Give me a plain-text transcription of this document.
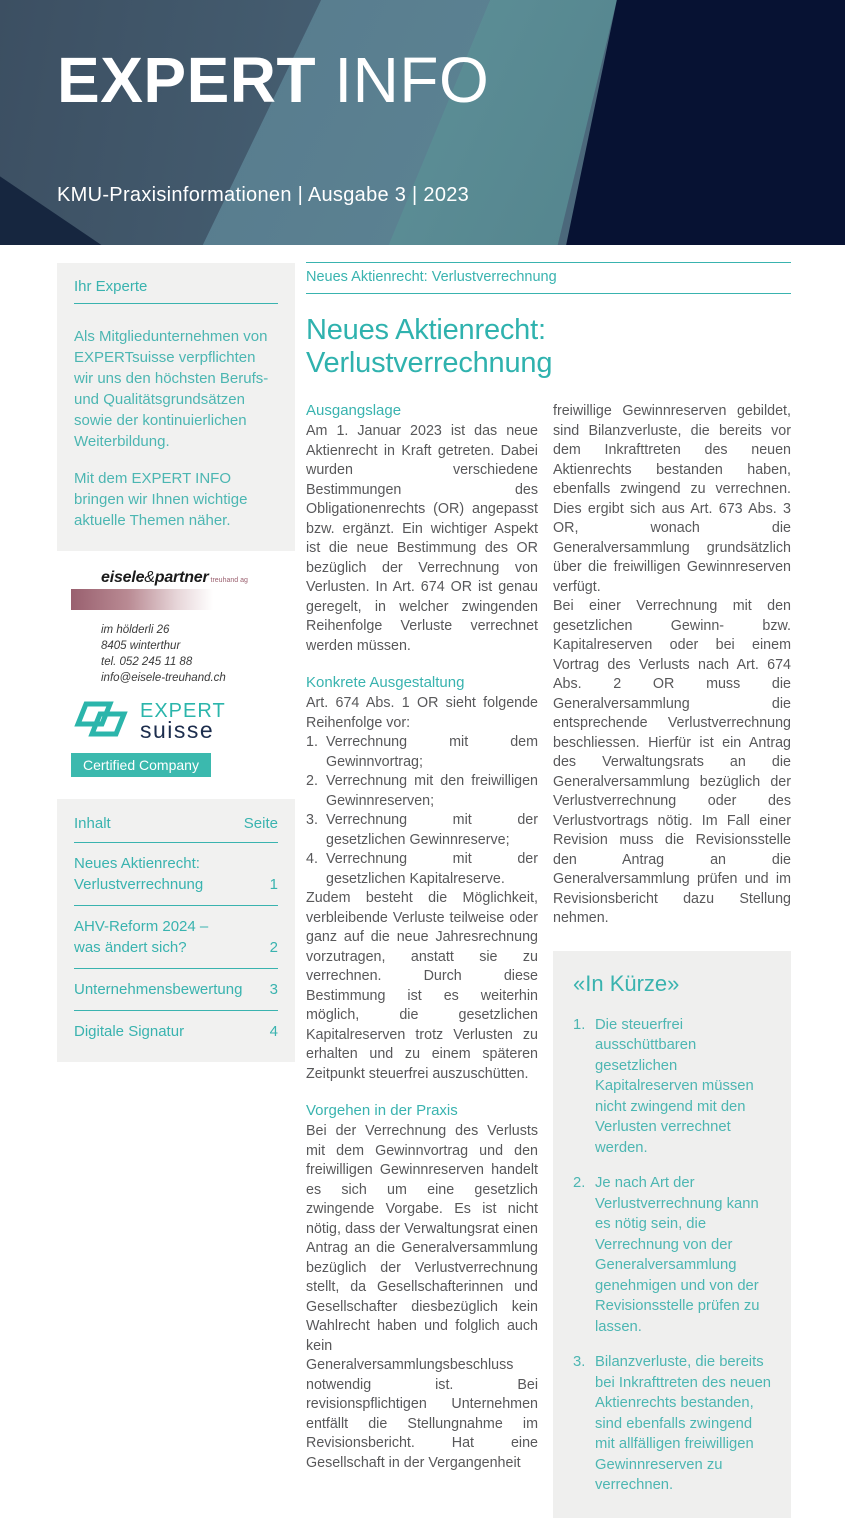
EXPERT INFO
KMU-Praxisinformationen | Ausgabe 3 | 2023
Ihr Experte

Als Mitgliedunternehmen von EXPERTsuisse verpflichten wir uns den höchsten Berufs- und Qualitätsgrundsätzen sowie der kontinuierlichen Weiterbildung.

Mit dem EXPERT INFO bringen wir Ihnen wichtige aktuelle Themen näher.

eisele&partner treuhand ag
im hölderli 26
8405 winterthur
tel. 052 245 11 88
info@eisele-treuhand.ch
EXPERT
suisse
Certified Company
Inhalt	Seite
Neues Aktienrecht:
Verlustverrechnung	1
AHV-Reform 2024 –
was ändert sich?	2
Unternehmensbewertung	3
Digitale Signatur	4
Neues Aktienrecht: Verlustverrechnung
Neues Aktienrecht: Verlustverrechnung
Ausgangslage

Am 1. Januar 2023 ist das neue Aktienrecht in Kraft getreten. Dabei wurden verschiedene Bestimmungen des Obligationenrechts (OR) angepasst bzw. ergänzt. Ein wichtiger Aspekt ist die neue Bestimmung des OR bezüglich der Verrechnung von Verlusten. In Art. 674 OR ist genau geregelt, in welcher zwingenden Reihenfolge Verluste verrechnet werden müssen.

Konkrete Ausgestaltung

Art. 674 Abs. 1 OR sieht folgende Reihenfolge vor:

Verrechnung mit dem Gewinnvortrag;
Verrechnung mit den freiwilligen Gewinnreserven;
Verrechnung mit der gesetzlichen Gewinnreserve;
Verrechnung mit der gesetzlichen Kapitalreserve.

Zudem besteht die Möglichkeit, verbleibende Verluste teilweise oder ganz auf die neue Jahresrechnung vorzutragen, anstatt sie zu verrechnen. Durch diese Bestimmung ist es weiterhin möglich, die gesetzlichen Kapitalreserven trotz Verlusten zu erhalten und zu einem späteren Zeitpunkt steuerfrei auszuschütten.

Vorgehen in der Praxis

Bei der Verrechnung des Verlusts mit dem Gewinnvortrag und den freiwilligen Gewinnreserven handelt es sich um eine gesetzlich zwingende Vorgabe. Es ist nicht nötig, dass der Verwaltungsrat einen Antrag an die Generalversammlung bezüglich der Verlustverrechnung stellt, da Gesellschafterinnen und Gesellschafter diesbezüglich kein Wahlrecht haben und folglich auch kein Generalversammlungsbeschluss notwendig ist. Bei revisionspflichtigen Unternehmen entfällt die Stellungnahme im Revisionsbericht. Hat eine Gesellschaft in der Vergangenheit

freiwillige Gewinnreserven gebildet, sind Bilanzverluste, die bereits vor dem Inkrafttreten des neuen Aktienrechts bestanden haben, ebenfalls zwingend zu verrechnen. Dies ergibt sich aus Art. 673 Abs. 3 OR, wonach die Generalversammlung grundsätzlich über die freiwilligen Gewinnreserven verfügt.

Bei einer Verrechnung mit den gesetzlichen Gewinn- bzw. Kapitalreserven oder bei einem Vortrag des Verlusts nach Art. 674 Abs. 2 OR muss die Generalversammlung die entsprechende Verlustverrechnung beschliessen. Hierfür ist ein Antrag des Verwaltungsrats an die Generalversammlung bezüglich der Verlustverrechnung oder des Verlustvortrags nötig. Im Fall einer Revision muss die Revisionsstelle den Antrag an die Generalversammlung prüfen und im Revisionsbericht dazu Stellung nehmen.

«In Kürze»
Die steuerfrei ausschüttbaren gesetzlichen Kapitalreserven müssen nicht zwingend mit den Verlusten verrechnet werden.
Je nach Art der Verlustverrechnung kann es nötig sein, die Verrechnung von der Generalversammlung genehmigen und von der Revisionsstelle prüfen zu lassen.
Bilanzverluste, die bereits bei Inkrafttreten des neuen Aktienrechts bestanden, sind ebenfalls zwingend mit allfälligen freiwilligen Gewinnreserven zu verrechnen.
